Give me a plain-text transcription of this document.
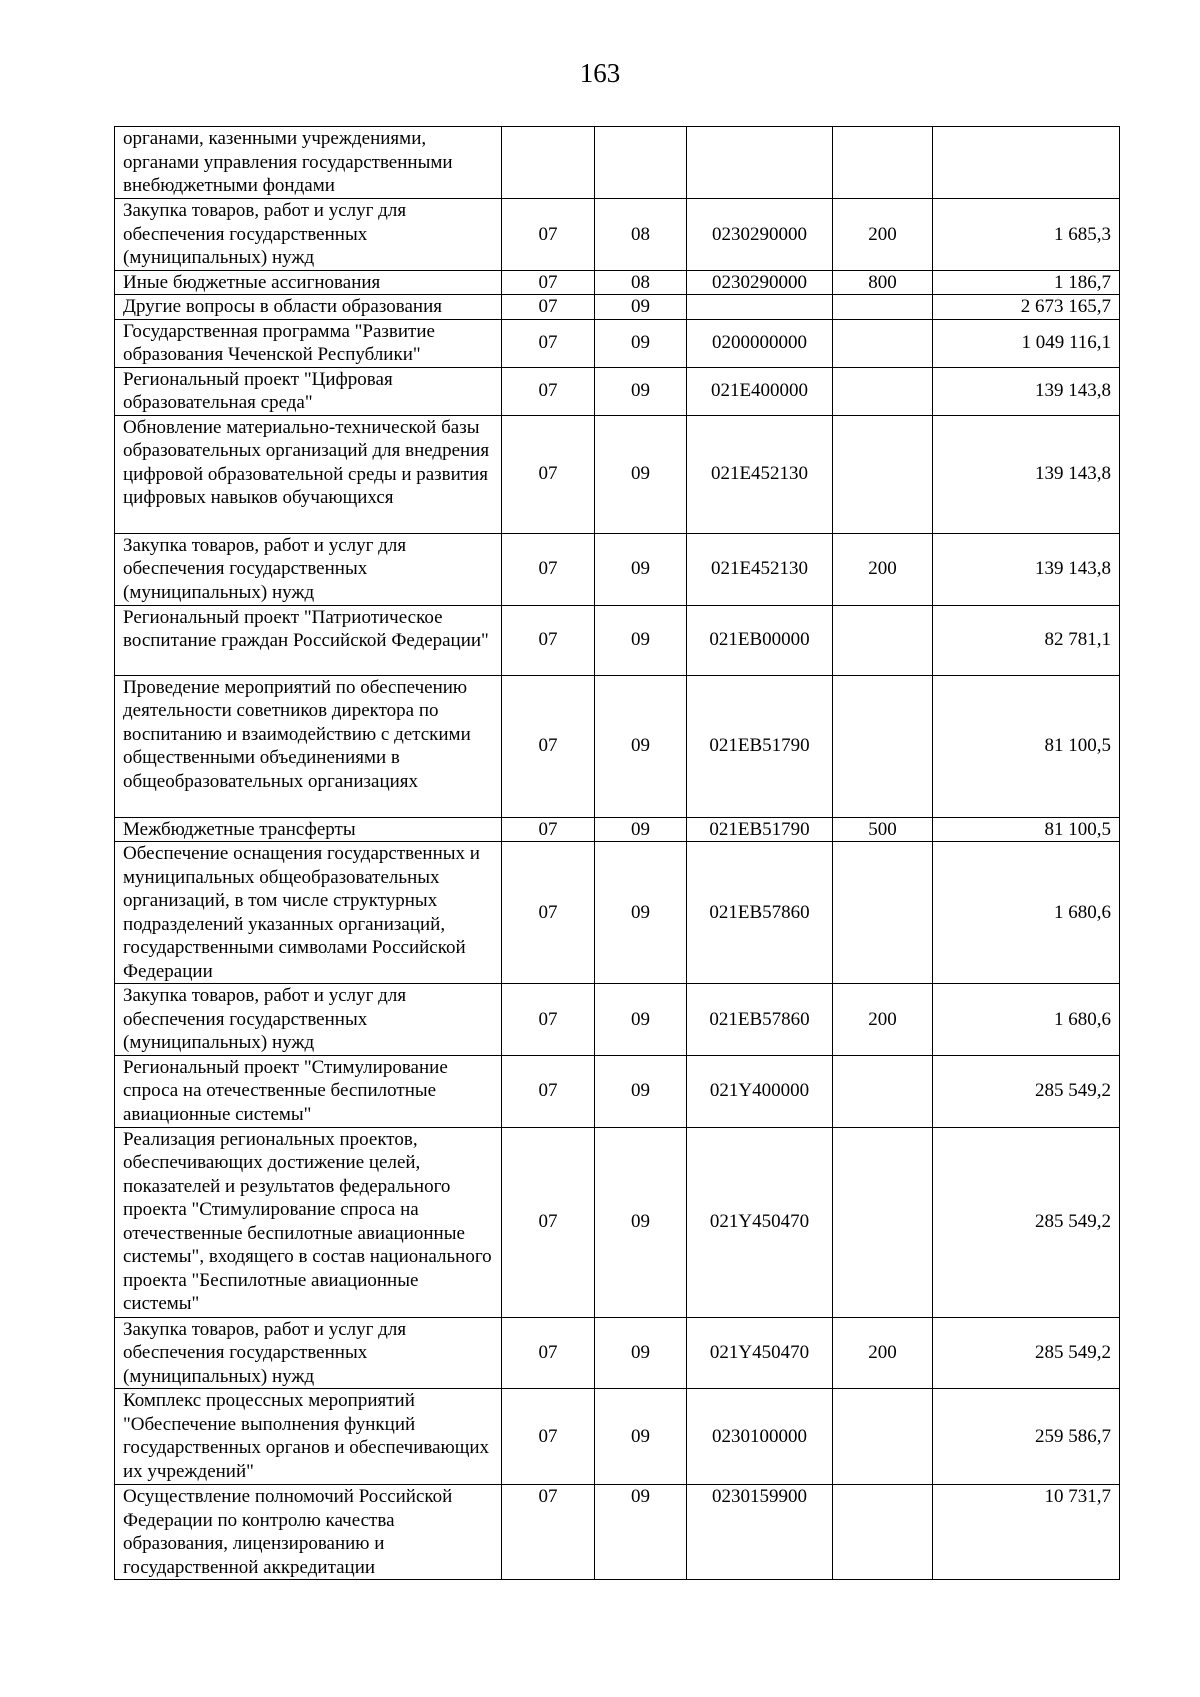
163
органами, казенными учреждениями, органами управления государственными внебюджетными фондами					
Закупка товаров, работ и услуг для обеспечения государственных (муниципальных) нужд	07	08	0230290000	200	1 685,3
Иные бюджетные ассигнования	07	08	0230290000	800	1 186,7
Другие вопросы в области образования	07	09			2 673 165,7
Государственная программа "Развитие образования Чеченской Республики"	07	09	0200000000		1 049 116,1
Региональный проект "Цифровая образовательная среда"	07	09	021E400000		139 143,8
Обновление материально-технической базы образовательных организаций для внедрения цифровой образовательной среды и развития цифровых навыков обучающихся	07	09	021E452130		139 143,8
Закупка товаров, работ и услуг для обеспечения государственных (муниципальных) нужд	07	09	021E452130	200	139 143,8
Региональный проект "Патриотическое воспитание граждан Российской Федерации"	07	09	021EB00000		82 781,1
Проведение мероприятий по обеспечению деятельности советников директора по воспитанию и взаимодействию с детскими общественными объединениями в общеобразовательных организациях	07	09	021EB51790		81 100,5
Межбюджетные трансферты	07	09	021EB51790	500	81 100,5
Обеспечение оснащения государственных и муниципальных общеобразовательных организаций, в том числе структурных подразделений указанных организаций, государственными символами Российской Федерации	07	09	021EB57860		1 680,6
Закупка товаров, работ и услуг для обеспечения государственных (муниципальных) нужд	07	09	021EB57860	200	1 680,6
Региональный проект "Стимулирование спроса на отечественные беспилотные авиационные системы"	07	09	021Y400000		285 549,2
Реализация региональных проектов, обеспечивающих достижение целей, показателей и результатов федерального проекта "Стимулирование спроса на отечественные беспилотные авиационные системы", входящего в состав национального проекта "Беспилотные авиационные системы"	07	09	021Y450470		285 549,2
Закупка товаров, работ и услуг для обеспечения государственных (муниципальных) нужд	07	09	021Y450470	200	285 549,2
Комплекс процессных мероприятий "Обеспечение выполнения функций государственных органов и обеспечивающих их учреждений"	07	09	0230100000		259 586,7
Осуществление полномочий Российской Федерации по контролю качества образования, лицензированию и государственной аккредитации	07	09	0230159900		10 731,7
